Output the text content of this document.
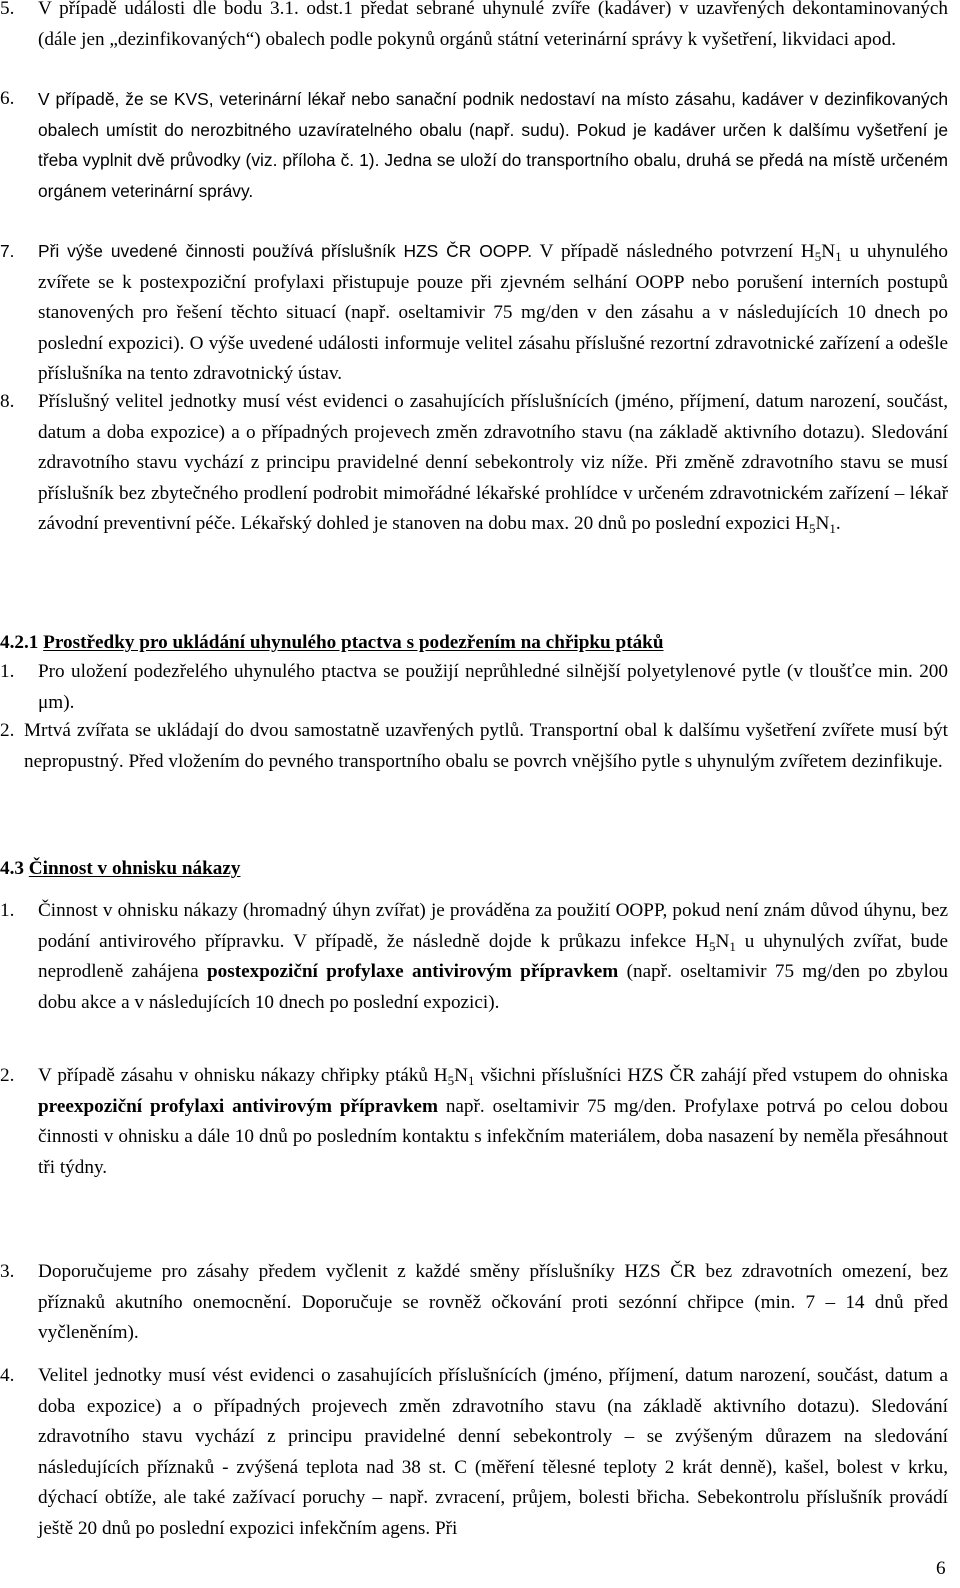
5.	V případě události dle bodu 3.1. odst.1 předat sebrané uhynulé zvíře (kadáver) v uzavřených dekontaminovaných (dále jen „dezinfikovaných“) obalech podle pokynů orgánů státní veterinární správy k vyšetření, likvidaci apod.
6.	V případě, že se KVS, veterinární lékař nebo sanační podnik nedostaví na místo zásahu, kadáver v dezinfikovaných obalech umístit do nerozbitného uzavíratelného obalu (např. sudu). Pokud je kadáver určen k dalšímu vyšetření je třeba vyplnit dvě průvodky (viz. příloha č. 1). Jedna se uloží do transportního obalu, druhá se předá na místě určeném orgánem veterinární správy.
7.	Při výše uvedené činnosti používá příslušník HZS ČR OOPP. V případě následného potvrzení $H_5N_1$ u uhynulého zvířete se k postexpoziční profylaxi přistupuje pouze při zjevném selhání OOPP nebo porušení interních postupů stanovených pro řešení těchto situací (např. oseltamivir 75 mg/den v den zásahu a v následujících 10 dnech po poslední expozici). O výše uvedené události informuje velitel zásahu příslušné rezortní zdravotnické zařízení a odešle příslušníka na tento zdravotnický ústav.
8.	Příslušný velitel jednotky musí vést evidenci o zasahujících příslušnících (jméno, příjmení, datum narození, součást, datum a doba expozice) a o případných projevech změn zdravotního stavu (na základě aktivního dotazu). Sledování zdravotního stavu vychází z principu pravidelné denní sebekontroly viz níže. Při změně zdravotního stavu se musí příslušník bez zbytečného prodlení podrobit mimořádné lékařské prohlídce v určeném zdravotnickém zařízení – lékař závodní preventivní péče. Lékařský dohled je stanoven na dobu max. 20 dnů po poslední expozici $H_5N_1$.
4.2.1 Prostředky pro ukládání uhynulého ptactva s podezřením na chřipku ptáků
1.	Pro uložení podezřelého uhynulého ptactva se použijí neprůhledné silnější polyetylenové pytle (v tloušťce min. 200 μm).
2. Mrtvá zvířata se ukládají do dvou samostatně uzavřených pytlů. Transportní obal k dalšímu vyšetření zvířete musí být nepropustný. Před vložením do pevného transportního obalu se povrch vnějšího pytle s uhynulým zvířetem dezinfikuje.
4.3 Činnost v ohnisku nákazy
1.	Činnost v ohnisku nákazy (hromadný úhyn zvířat) je prováděna za použití OOPP, pokud není znám důvod úhynu, bez podání antivirového přípravku. V případě, že následně dojde k průkazu infekce $H_5N_1$ u uhynulých zvířat, bude neprodleně zahájena postexpoziční profylaxe antivirovým přípravkem (např. oseltamivir 75 mg/den po zbylou dobu akce a v následujících 10 dnech po poslední expozici).
2.	V případě zásahu v ohnisku nákazy chřipky ptáků $H_5N_1$ všichni příslušníci HZS ČR zahájí před vstupem do ohniska preexpoziční profylaxi antivirovým přípravkem např. oseltamivir 75 mg/den. Profylaxe potrvá po celou dobou činnosti v ohnisku a dále 10 dnů po posledním kontaktu s infekčním materiálem, doba nasazení by neměla přesáhnout tři týdny.
3.	Doporučujeme pro zásahy předem vyčlenit z každé směny příslušníky HZS ČR bez zdravotních omezení, bez příznaků akutního onemocnění. Doporučuje se rovněž očkování proti sezónní chřipce (min. 7 – 14 dnů před vyčleněním).
4.	Velitel jednotky musí vést evidenci o zasahujících příslušnících (jméno, příjmení, datum narození, součást, datum a doba expozice) a o případných projevech změn zdravotního stavu (na základě aktivního dotazu). Sledování zdravotního stavu vychází z principu pravidelné denní sebekontroly – se zvýšeným důrazem na sledování následujících příznaků - zvýšená teplota nad 38 st. C (měření tělesné teploty 2 krát denně), kašel, bolest v krku, dýchací obtíže, ale také zažívací poruchy – např. zvracení, průjem, bolesti břicha. Sebekontrolu příslušník provádí ještě 20 dnů po poslední expozici infekčním agens. Při
6
